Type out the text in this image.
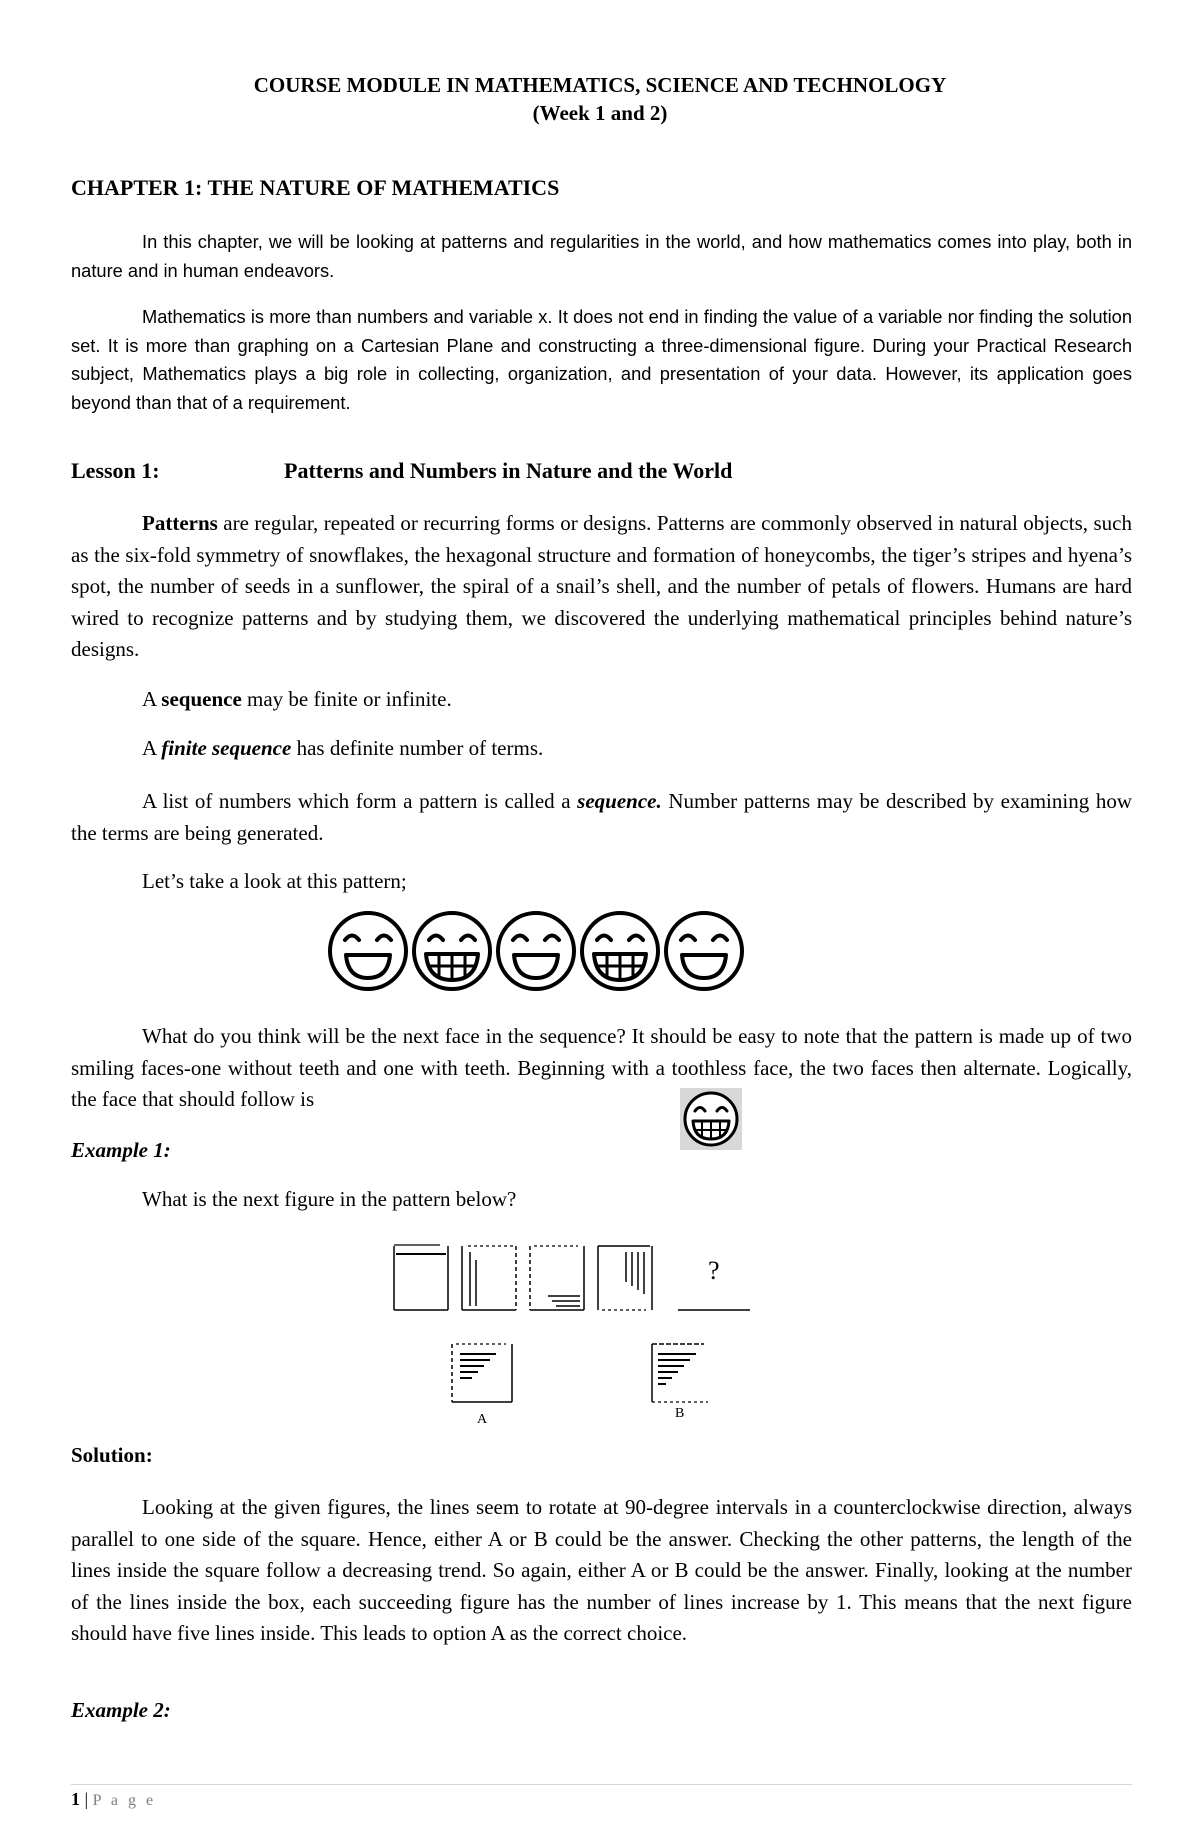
COURSE MODULE IN MATHEMATICS, SCIENCE AND TECHNOLOGY
(Week 1 and 2)
CHAPTER 1: THE NATURE OF MATHEMATICS

In this chapter, we will be looking at patterns and regularities in the world, and how mathematics comes into play, both in nature and in human endeavors.

Mathematics is more than numbers and variable x. It does not end in finding the value of a variable nor finding the solution set. It is more than graphing on a Cartesian Plane and constructing a three-dimensional figure. During your Practical Research subject, Mathematics plays a big role in collecting, organization, and presentation of your data. However, its application goes beyond than that of a requirement.

Lesson 1:	Patterns and Numbers in Nature and the World

Patterns are regular, repeated or recurring forms or designs. Patterns are commonly observed in natural objects, such as the six-fold symmetry of snowflakes, the hexagonal structure and formation of honeycombs, the tiger’s stripes and hyena’s spot, the number of seeds in a sunflower, the spiral of a snail’s shell, and the number of petals of flowers. Humans are hard wired to recognize patterns and by studying them, we discovered the underlying mathematical principles behind nature’s designs.

A sequence may be finite or infinite.
A finite sequence has definite number of terms.

A list of numbers which form a pattern is called a sequence. Number patterns may be described by examining how the terms are being generated.

Let’s take a look at this pattern;

What do you think will be the next face in the sequence? It should be easy to note that the pattern is made up of two smiling faces-one without teeth and one with teeth. Beginning with a toothless face, the two faces then alternate. Logically, the face that should follow is

Example 1:
What is the next figure in the pattern below?
?
A	B
Solution:

Looking at the given figures, the lines seem to rotate at 90-degree intervals in a counterclockwise direction, always parallel to one side of the square. Hence, either A or B could be the answer. Checking the other patterns, the length of the lines inside the square follow a decreasing trend. So again, either A or B could be the answer. Finally, looking at the number of the lines inside the box, each succeeding figure has the number of lines increase by 1. This means that the next figure should have five lines inside. This leads to option A as the correct choice.

Example 2:
1 | P a g e
